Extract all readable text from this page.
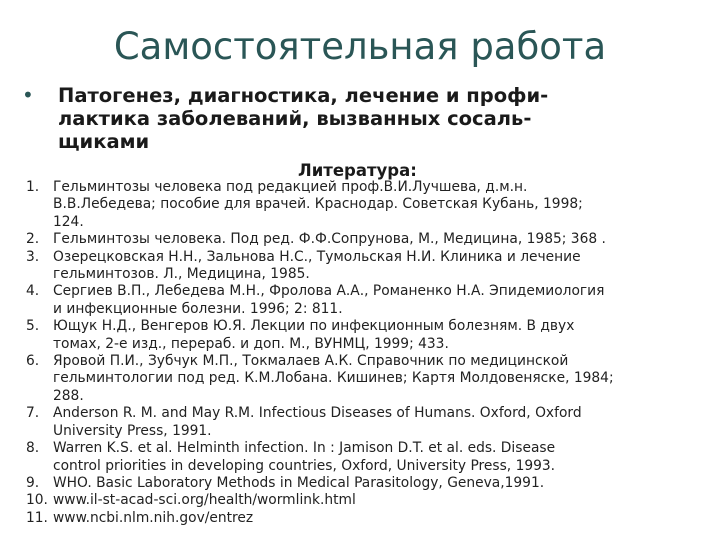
Самостоятельная работа
•	Патогенез, диагностика, лечение и профи-
лактика заболеваний, вызванных сосаль-
щиками
Литература:
1. Гельминтозы человека под редакцией проф.В.И.Лучшева, д.м.н.
В.В.Лебедева; пособие для врачей. Краснодар. Советская Кубань, 1998;
124.
2. Гельминтозы человека. Под ред. Ф.Ф.Сопрунова, М., Медицина, 1985; 368 .
3. Озерецковская Н.Н., Зальнова Н.С., Тумольская Н.И. Клиника и лечение
гельминтозов. Л., Медицина, 1985.
4. Сергиев В.П., Лебедева М.Н., Фролова А.А., Романенко Н.А. Эпидемиология
и инфекционные болезни. 1996; 2: 811.
5. Ющук Н.Д., Венгеров Ю.Я. Лекции по инфекционным болезням. В двух
томах, 2-е изд., перераб. и доп. М., ВУНМЦ, 1999; 433.
6. Яровой П.И., Зубчук М.П., Токмалаев А.К. Справочник по медицинской
гельминтологии под ред. К.М.Лобана. Кишинев; Картя Молдовеняске, 1984;
288.
7. Anderson R. M. and May R.M. Infectious Diseases of Humans. Oxford, Oxford
University Press, 1991.
8. Warren K.S. et al. Helminth infection. In : Jamison D.T. et al. eds. Disease
control priorities in developing countries, Oxford, University Press, 1993.
9. WHO. Basic Laboratory Methods in Medical Parasitology, Geneva,1991.
10. www.il-st-acad-sci.org/health/wormlink.html
11. www.ncbi.nlm.nih.gov/entrez
